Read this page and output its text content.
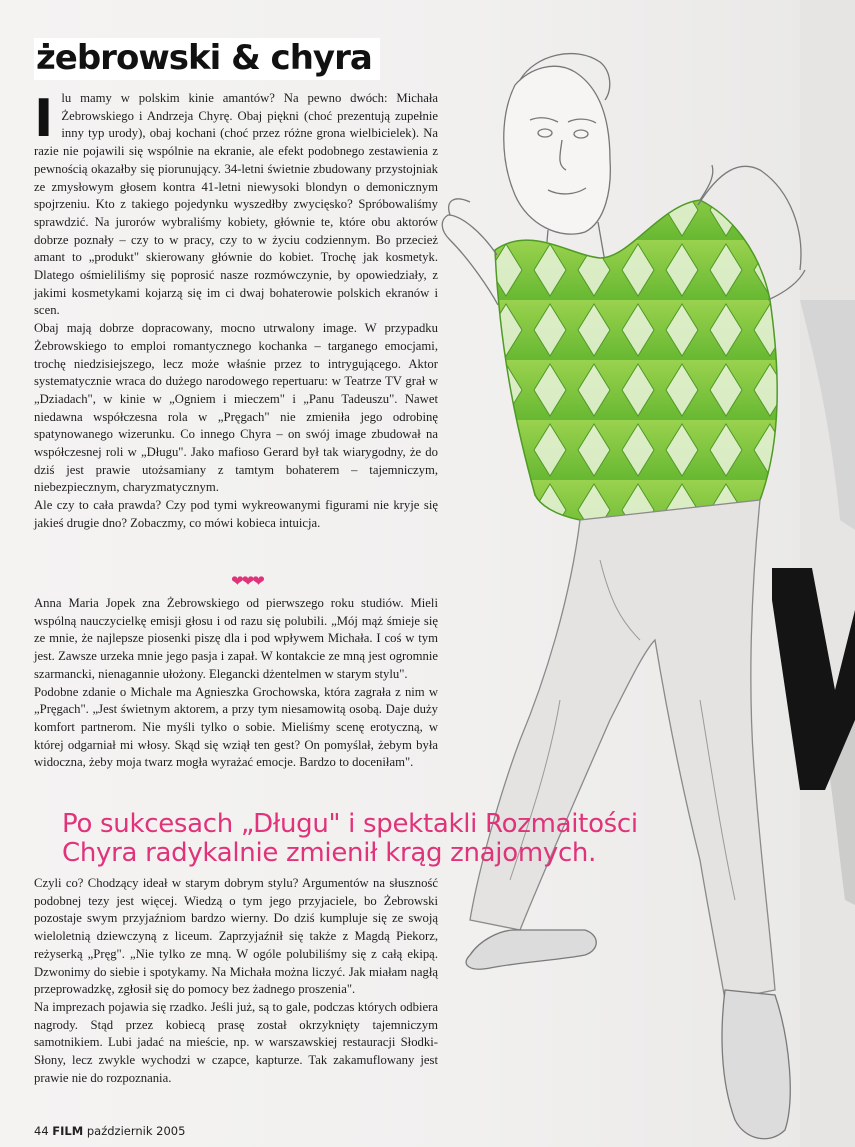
żebrowski & chyra
I lu mamy w polskim kinie amantów? Na pewno dwóch: Michała Żebrowskiego i Andrzeja Chyrę. Obaj piękni (choć prezentują zupełnie inny typ urody), obaj kochani (choć przez różne grona wielbicielek). Na razie nie pojawili się wspólnie na ekranie, ale efekt podobnego zestawienia z pewnością okazałby się piorunujący. 34-letni świetnie zbudowany przystojniak ze zmysłowym głosem kontra 41-letni niewysoki blondyn o demonicznym spojrzeniu. Kto z takiego pojedynku wyszedłby zwycięsko? Spróbowaliśmy sprawdzić. Na jurorów wybraliśmy kobiety, głównie te, które obu aktorów dobrze poznały – czy to w pracy, czy to w życiu codziennym. Bo przecież amant to „produkt" skierowany głównie do kobiet. Trochę jak kosmetyk. Dlatego ośmieliliśmy się poprosić nasze rozmówczynie, by opowiedziały, z jakimi kosmetykami kojarzą się im ci dwaj bohaterowie polskich ekranów i scen.

Obaj mają dobrze dopracowany, mocno utrwalony image. W przypadku Żebrowskiego to emploi romantycznego kochanka – targanego emocjami, trochę niedzisiejszego, lecz może właśnie przez to intrygującego. Aktor systematycznie wraca do dużego narodowego repertuaru: w Teatrze TV grał w „Dziadach", w kinie w „Ogniem i mieczem" i „Panu Tadeuszu". Nawet niedawna współczesna rola w „Pręgach" nie zmieniła jego odrobinę spatynowanego wizerunku. Co innego Chyra – on swój image zbudował na współczesnej roli w „Długu". Jako mafioso Gerard był tak wiarygodny, że do dziś jest prawie utożsamiany z tamtym bohaterem – tajemniczym, niebezpiecznym, charyzmatycznym.

Ale czy to cała prawda? Czy pod tymi wykreowanymi figurami nie kryje się jakieś drugie dno? Zobaczmy, co mówi kobieca intuicja.

❤❤❤

Anna Maria Jopek zna Żebrowskiego od pierwszego roku studiów. Mieli wspólną nauczycielkę emisji głosu i od razu się polubili. „Mój mąż śmieje się ze mnie, że najlepsze piosenki piszę dla i pod wpływem Michała. I coś w tym jest. Zawsze urzeka mnie jego pasja i zapał. W kontakcie ze mną jest ogromnie szarmancki, nienagannie ułożony. Elegancki dżentelmen w starym stylu".

Podobne zdanie o Michale ma Agnieszka Grochowska, która zagrała z nim w „Pręgach". „Jest świetnym aktorem, a przy tym niesamowitą osobą. Daje duży komfort partnerom. Nie myśli tylko o sobie. Mieliśmy scenę erotyczną, w której odgarniał mi włosy. Skąd się wziął ten gest? On pomyślał, żebym była widoczna, żeby moja twarz mogła wyrażać emocje. Bardzo to doceniłam".

Po sukcesach „Długu" i spektakli Rozmaitości
Chyra radykalnie zmienił krąg znajomych.

Czyli co? Chodzący ideał w starym dobrym stylu? Argumentów na słuszność podobnej tezy jest więcej. Wiedzą o tym jego przyjaciele, bo Żebrowski pozostaje swym przyjaźniom bardzo wierny. Do dziś kumpluje się ze swoją wieloletnią dziewczyną z liceum. Zaprzyjaźnił się także z Magdą Piekorz, reżyserką „Pręg". „Nie tylko ze mną. W ogóle polubiliśmy się z całą ekipą. Dzwonimy do siebie i spotykamy. Na Michała można liczyć. Jak miałam nagłą przeprowadzkę, zgłosił się do pomocy bez żadnego proszenia".

Na imprezach pojawia się rzadko. Jeśli już, są to gale, podczas których odbiera nagrody. Stąd przez kobiecą prasę został okrzyknięty tajemniczym samotnikiem. Lubi jadać na mieście, np. w warszawskiej restauracji Słodki-Słony, lecz zwykle wychodzi w czapce, kapturze. Tak zakamuflowany jest prawie nie do rozpoznania.

44 FILM październik 2005
